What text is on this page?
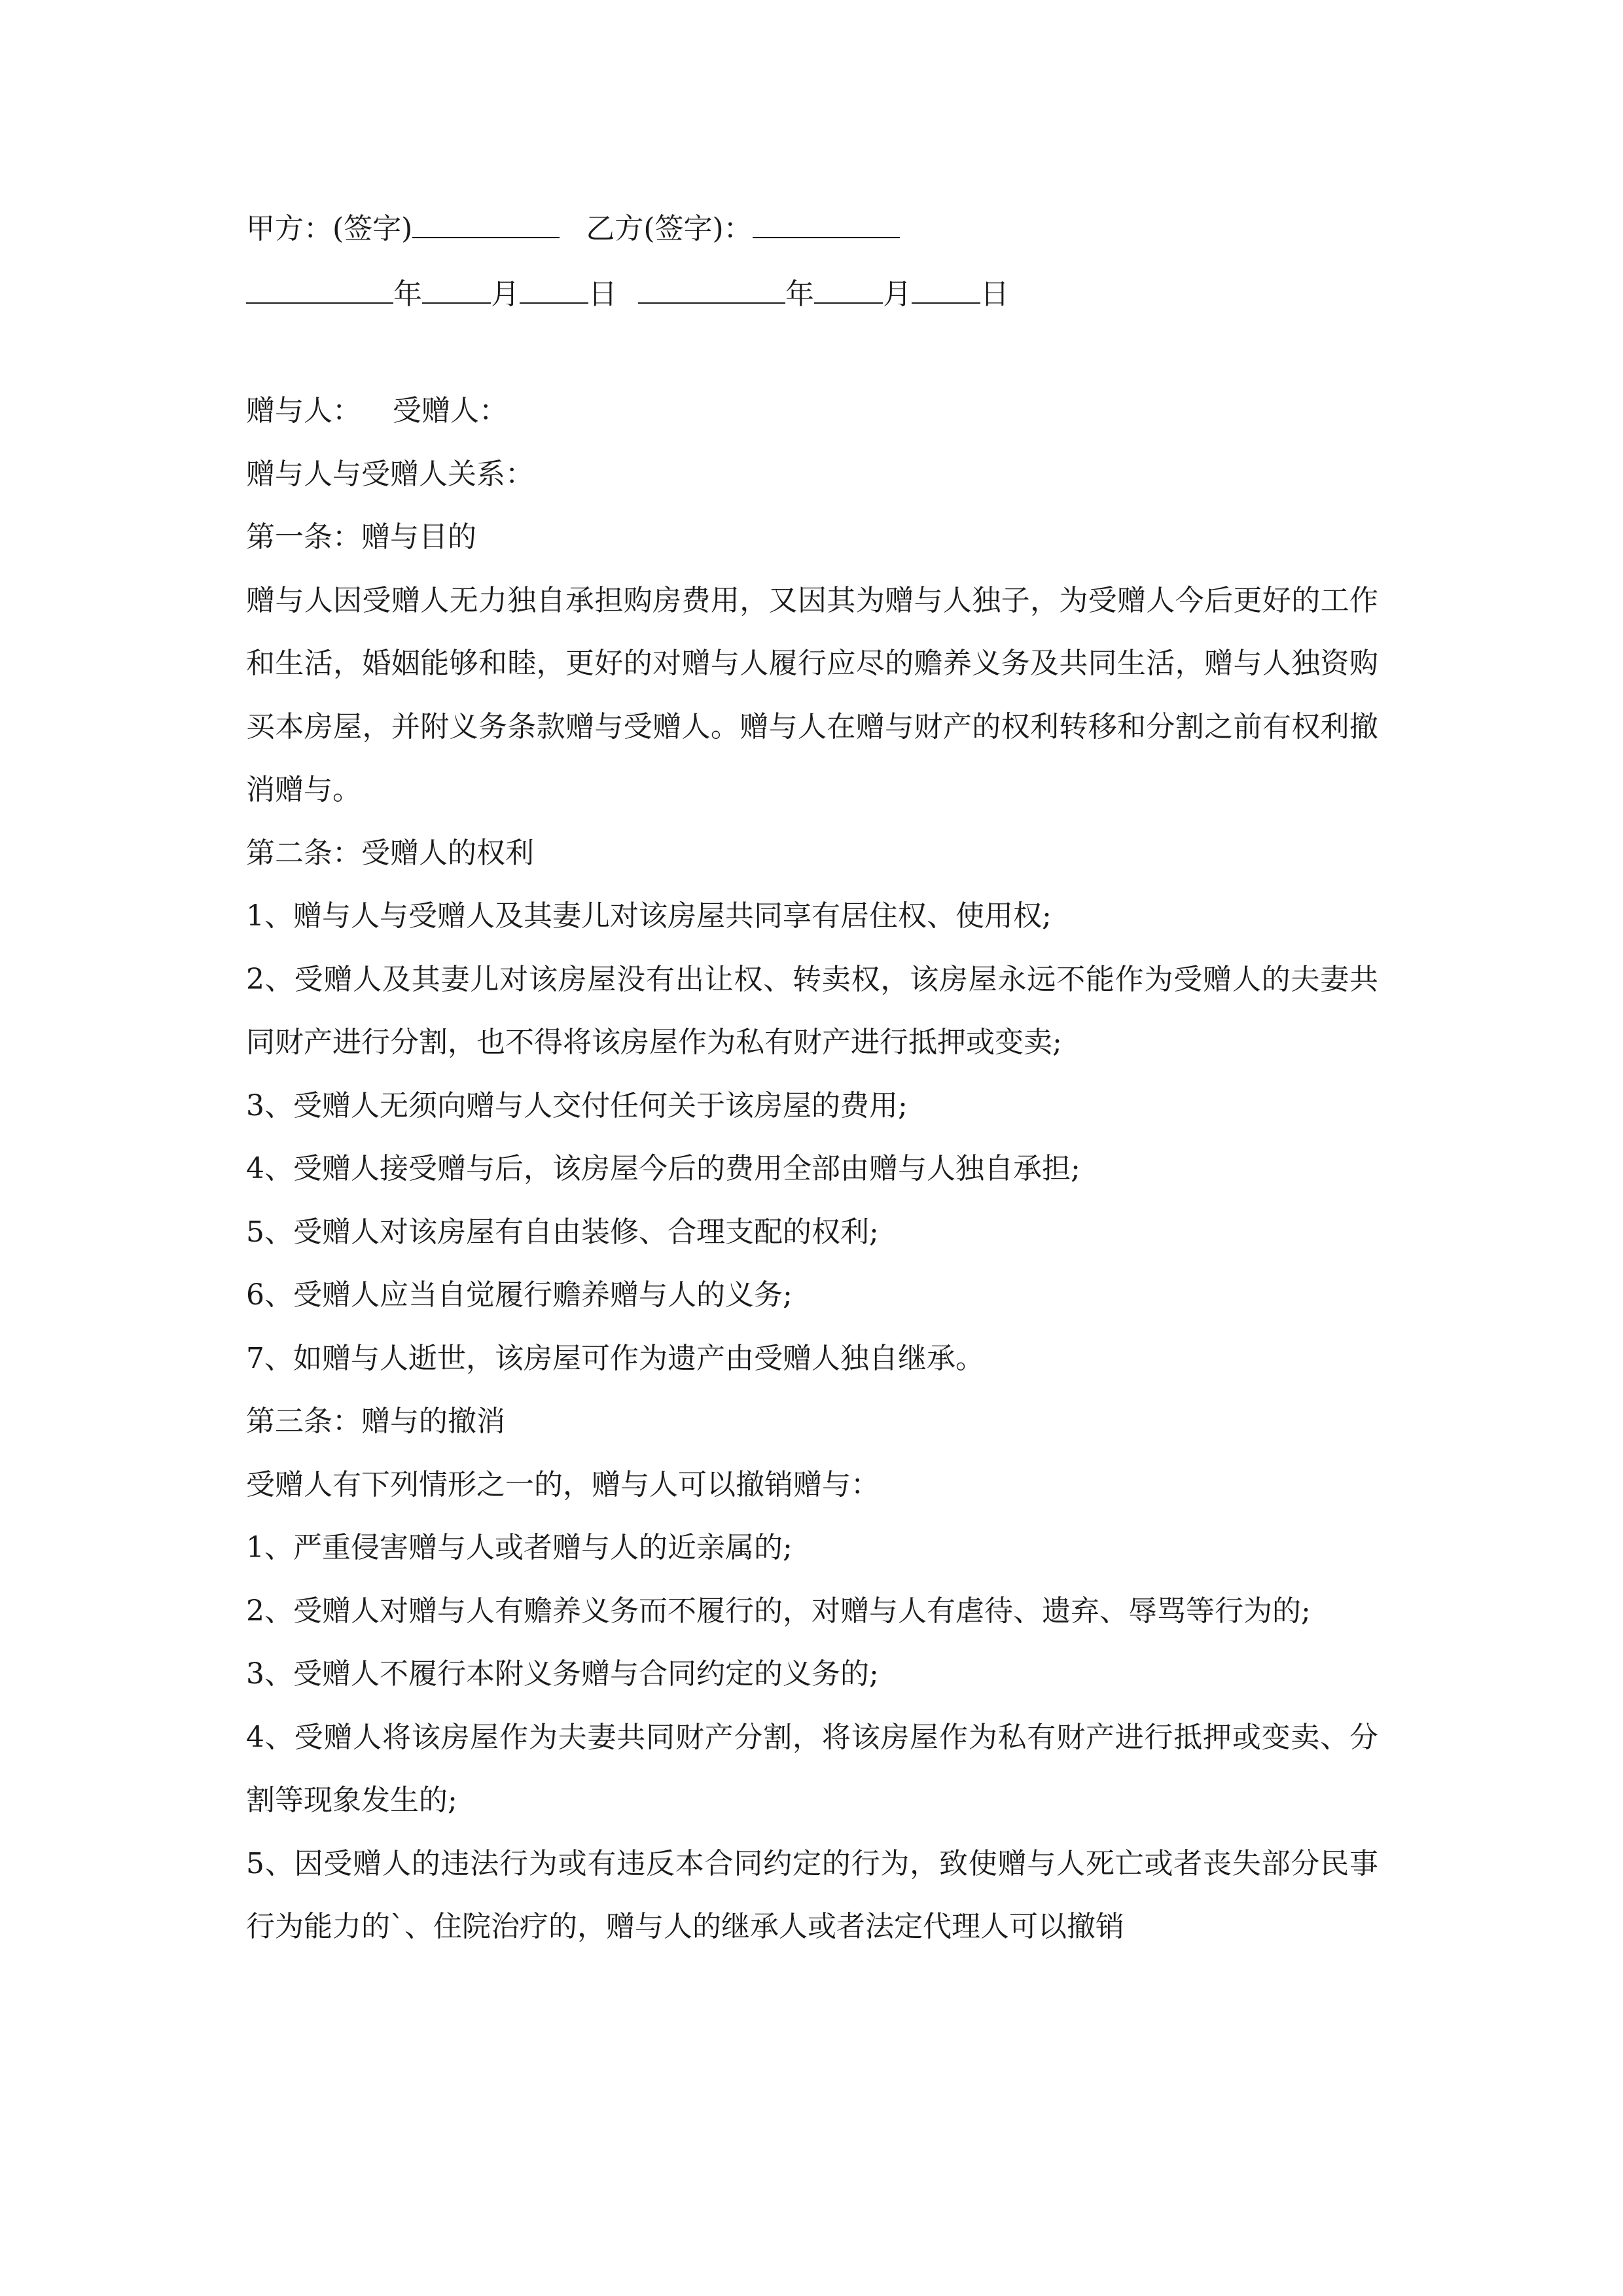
甲方：(签字)	乙方(签字)：
年 月 日	年 月 日

赠与人： 受赠人：

赠与人与受赠人关系：

第一条：赠与目的

赠与人因受赠人无力独自承担购房费用，又因其为赠与人独子，为受赠人今后更好的工作和生活，婚姻能够和睦，更好的对赠与人履行应尽的赡养义务及共同生活，赠与人独资购买本房屋，并附义务条款赠与受赠人。赠与人在赠与财产的权利转移和分割之前有权利撤消赠与。

第二条：受赠人的权利

1、赠与人与受赠人及其妻儿对该房屋共同享有居住权、使用权;

2、受赠人及其妻儿对该房屋没有出让权、转卖权，该房屋永远不能作为受赠人的夫妻共同财产进行分割，也不得将该房屋作为私有财产进行抵押或变卖;

3、受赠人无须向赠与人交付任何关于该房屋的费用;

4、受赠人接受赠与后，该房屋今后的费用全部由赠与人独自承担;

5、受赠人对该房屋有自由装修、合理支配的权利;

6、受赠人应当自觉履行赡养赠与人的义务;

7、如赠与人逝世，该房屋可作为遗产由受赠人独自继承。

第三条：赠与的撤消

受赠人有下列情形之一的，赠与人可以撤销赠与：

1、严重侵害赠与人或者赠与人的近亲属的;

2、受赠人对赠与人有赡养义务而不履行的，对赠与人有虐待、遗弃、辱骂等行为的;

3、受赠人不履行本附义务赠与合同约定的义务的;

4、受赠人将该房屋作为夫妻共同财产分割，将该房屋作为私有财产进行抵押或变卖、分割等现象发生的;

5、因受赠人的违法行为或有违反本合同约定的行为，致使赠与人死亡或者丧失部分民事行为能力的`、住院治疗的，赠与人的继承人或者法定代理人可以撤销
